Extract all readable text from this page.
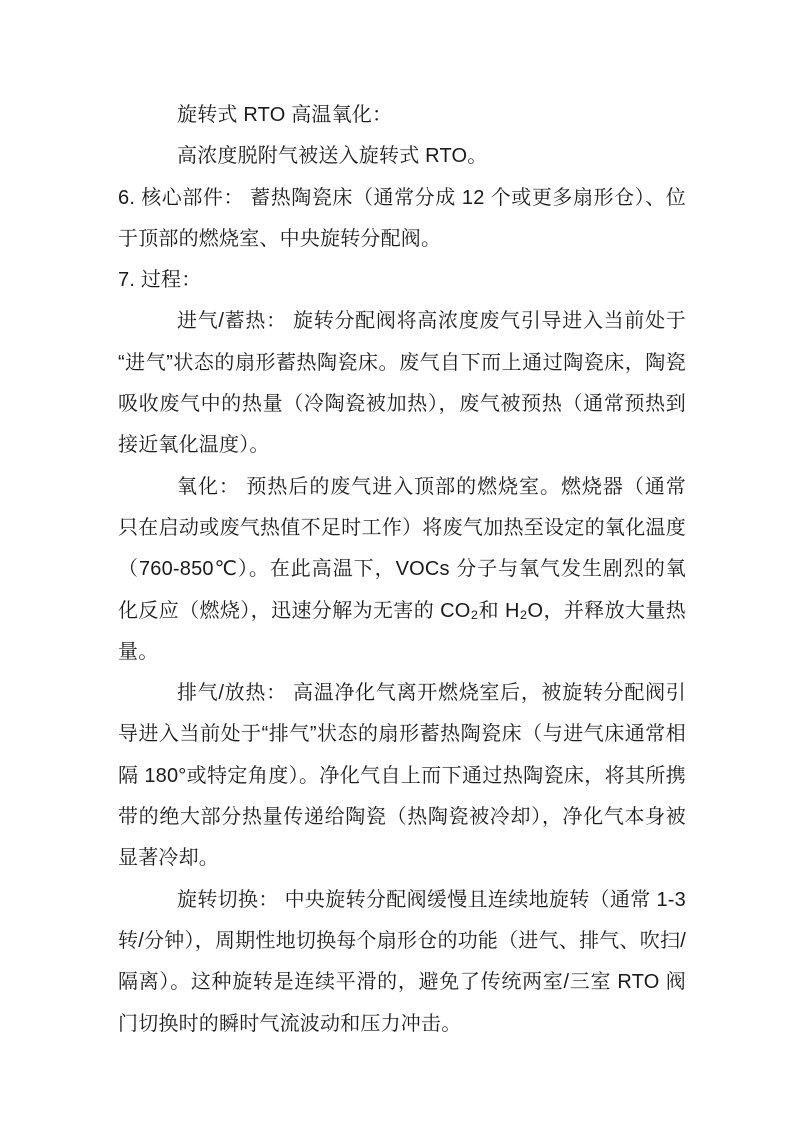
旋转式 RTO 高温氧化：

高浓度脱附气被送入旋转式 RTO。

6. 核心部件： 蓄热陶瓷床（通常分成 12 个或更多扇形仓）、位于顶部的燃烧室、中央旋转分配阀。

7. 过程：

进气/蓄热： 旋转分配阀将高浓度废气引导进入当前处于“进气”状态的扇形蓄热陶瓷床。废气自下而上通过陶瓷床，陶瓷吸收废气中的热量（冷陶瓷被加热），废气被预热（通常预热到接近氧化温度）。

氧化： 预热后的废气进入顶部的燃烧室。燃烧器（通常只在启动或废气热值不足时工作）将废气加热至设定的氧化温度（760-850℃）。在此高温下，VOCs 分子与氧气发生剧烈的氧化反应（燃烧），迅速分解为无害的 CO₂和 H₂O，并释放大量热量。

排气/放热： 高温净化气离开燃烧室后，被旋转分配阀引导进入当前处于“排气”状态的扇形蓄热陶瓷床（与进气床通常相隔 180°或特定角度）。净化气自上而下通过热陶瓷床，将其所携带的绝大部分热量传递给陶瓷（热陶瓷被冷却），净化气本身被显著冷却。

旋转切换： 中央旋转分配阀缓慢且连续地旋转（通常 1-3 转/分钟），周期性地切换每个扇形仓的功能（进气、排气、吹扫/隔离）。这种旋转是连续平滑的，避免了传统两室/三室 RTO 阀门切换时的瞬时气流波动和压力冲击。
